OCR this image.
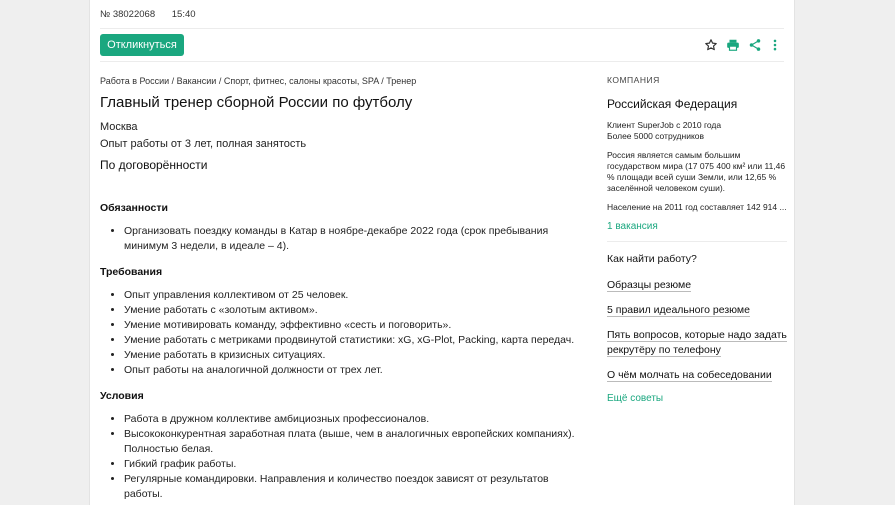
№ 38022068 15:40
Откликнуться
Работа в России / Вакансии / Спорт, фитнес, салоны красоты, SPA / Тренер
Главный тренер сборной России по футболу
Москва
Опыт работы от 3 лет, полная занятость
По договорённости
Обязанности
• Организовать поездку команды в Катар в ноябре-декабре 2022 года (срок пребывания минимум 3 недели, в идеале – 4).
Требования
• Опыт управления коллективом от 25 человек.
• Умение работать с «золотым активом».
• Умение мотивировать команду, эффективно «сесть и поговорить».
• Умение работать с метриками продвинутой статистики: xG, xG-Plot, Packing, карта передач.
• Умение работать в кризисных ситуациях.
• Опыт работы на аналогичной должности от трех лет.
Условия
• Работа в дружном коллективе амбициозных профессионалов.
• Высококонкурентная заработная плата (выше, чем в аналогичных европейских компаниях). Полностью белая.
• Гибкий график работы.
• Регулярные командировки. Направления и количество поездок зависят от результатов работы.
КОМПАНИЯ
Российская Федерация
Клиент SuperJob с 2010 года
Более 5000 сотрудников
Россия является самым большим государством мира (17 075 400 км² или 11,46 % площади всей суши Земли, или 12,65 % заселённой человеком суши).
Население на 2011 год составляет 142 914 ...
1 вакансия
Как найти работу?
Образцы резюме
5 правил идеального резюме
Пять вопросов, которые надо задать рекрутёру по телефону
О чём молчать на собеседовании
Ещё советы
